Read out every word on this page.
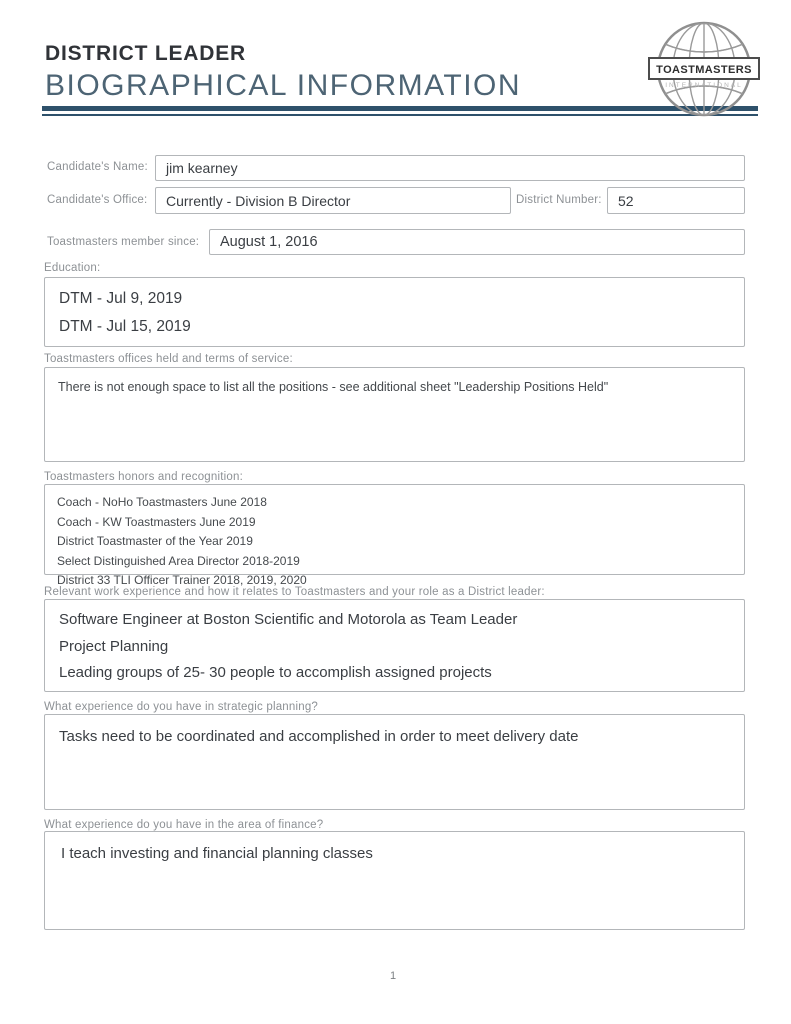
DISTRICT LEADER
BIOGRAPHICAL INFORMATION	TOASTMASTERS
INTERNATIONAL
Candidate's Name:	jim kearney
Candidate's Office:	Currently - Division B Director	District Number:	52
Toastmasters member since:	August 1, 2016
Education:
DTM - Jul 9, 2019
DTM - Jul 15, 2019
Toastmasters offices held and terms of service:
There is not enough space to list all the positions - see additional sheet "Leadership Positions Held"
Toastmasters honors and recognition:
Coach - NoHo Toastmasters June 2018
Coach - KW Toastmasters June 2019
District Toastmaster of the Year 2019
Select Distinguished Area Director 2018-2019
District 33 TLI Officer Trainer 2018, 2019, 2020
Relevant work experience and how it relates to Toastmasters and your role as a District leader:
Software Engineer at Boston Scientific and Motorola as Team Leader
Project Planning
Leading groups of 25- 30 people to accomplish assigned projects
What experience do you have in strategic planning?
Tasks need to be coordinated and accomplished in order to meet delivery date
What experience do you have in the area of finance?
I teach investing and financial planning classes
1
